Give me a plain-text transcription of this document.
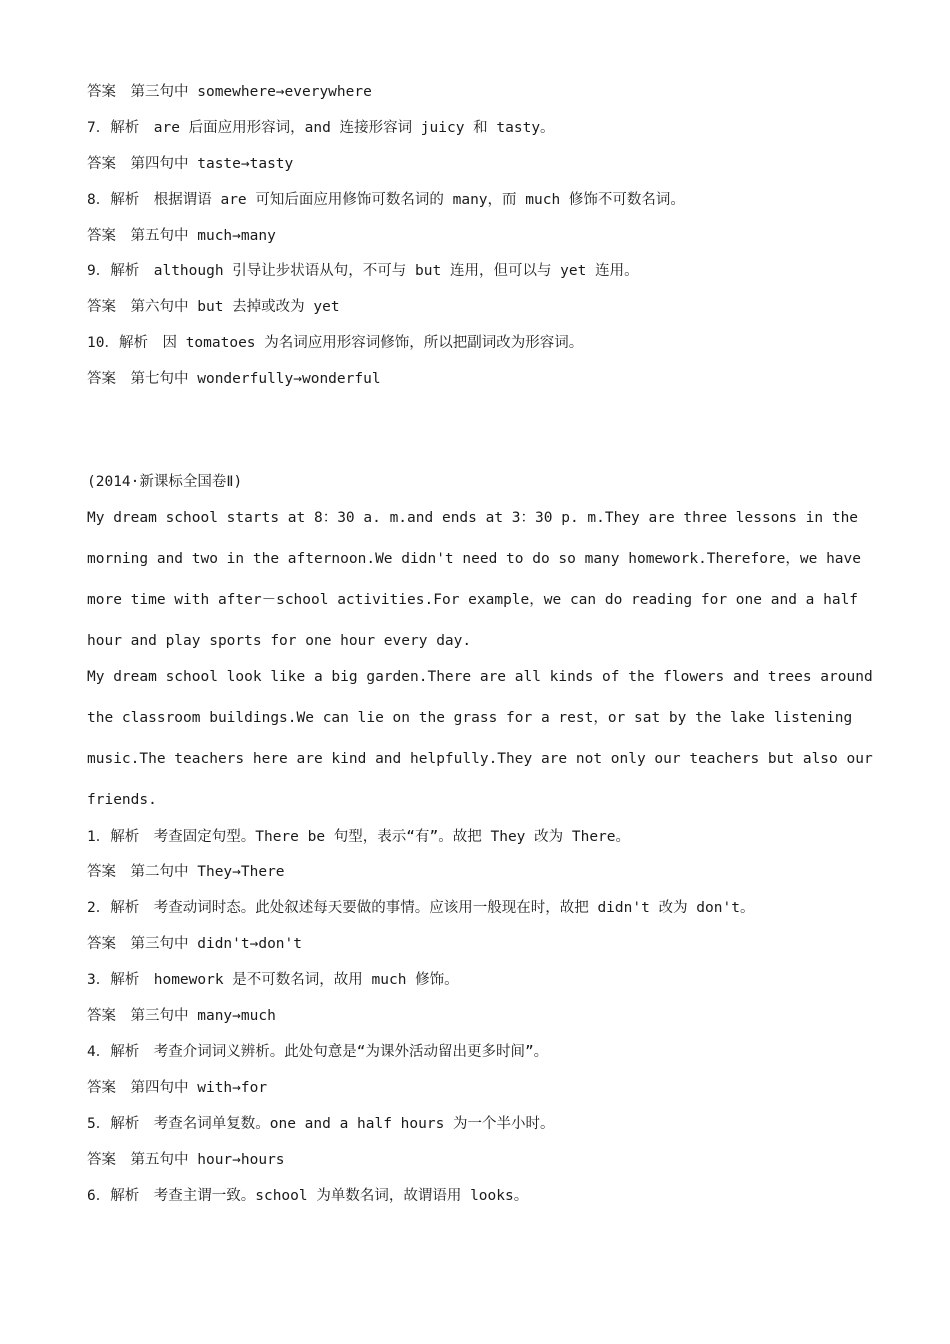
答案　第三句中 somewhere→everywhere
7．解析　are 后面应用形容词，and 连接形容词 juicy 和 tasty。
答案　第四句中 taste→tasty
8．解析　根据谓语 are 可知后面应用修饰可数名词的 many，而 much 修饰不可数名词。
答案　第五句中 much→many
9．解析　although 引导让步状语从句，不可与 but 连用，但可以与 yet 连用。
答案　第六句中 but 去掉或改为 yet
10．解析　因 tomatoes 为名词应用形容词修饰，所以把副词改为形容词。
答案　第七句中 wonderfully→wonderful
(2014·新课标全国卷Ⅱ)
My dream school starts at 8：30 a. m.and ends at 3：30 p. m.They are three lessons in the
morning and two in the afternoon.We didn't need to do so many homework.Therefore，we have
more time with after－school activities.For example，we can do reading for one and a half
hour and play sports for one hour every day.
My dream school look like a big garden.There are all kinds of the flowers and trees around
the classroom buildings.We can lie on the grass for a rest，or sat by the lake listening
music.The teachers here are kind and helpfully.They are not only our teachers but also our
friends.
1．解析　考查固定句型。There be 句型，表示“有”。故把 They 改为 There。
答案　第二句中 They→There
2．解析　考查动词时态。此处叙述每天要做的事情。应该用一般现在时，故把 didn't 改为 don't。
答案　第三句中 didn't→don't
3．解析　homework 是不可数名词，故用 much 修饰。
答案　第三句中 many→much
4．解析　考查介词词义辨析。此处句意是“为课外活动留出更多时间”。
答案　第四句中 with→for
5．解析　考查名词单复数。one and a half hours 为一个半小时。
答案　第五句中 hour→hours
6．解析　考查主谓一致。school 为单数名词，故谓语用 looks。
